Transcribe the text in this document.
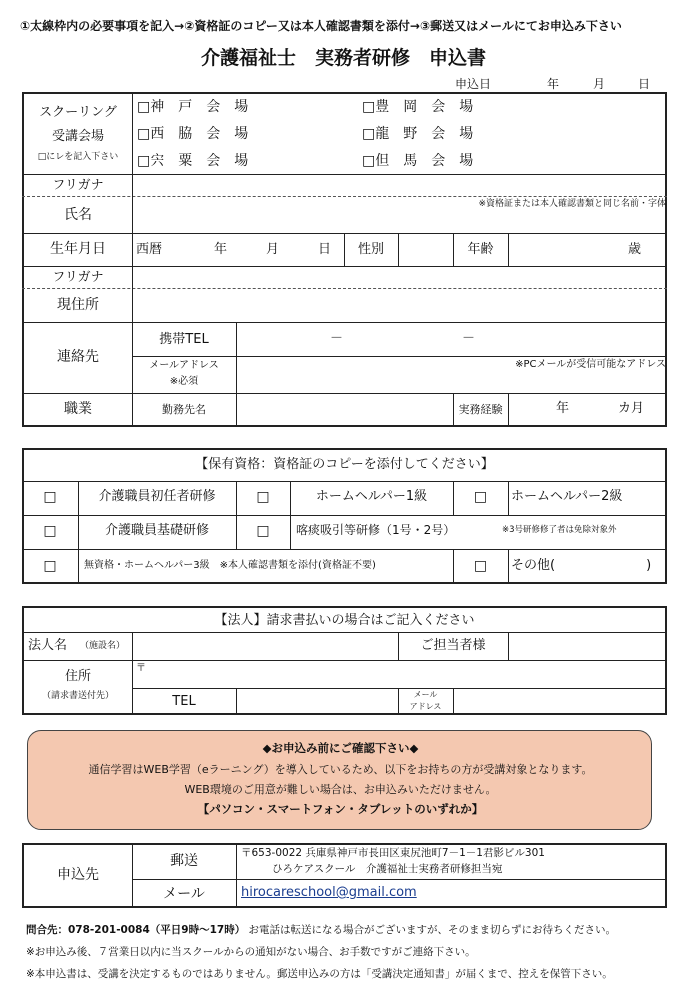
①太線枠内の必要事項を記入→②資格証のコピー又は本人確認書類を添付→③郵送又はメールにてお申込み下さい
介護福祉士　実務者研修　申込書
申込日	年	月	日
スクーリング
受講会場
□にレを記入下さい
□神　戸　会　場
□西　脇　会　場
□宍　粟　会　場
□豊　岡　会　場
□龍　野　会　場
□但　馬　会　場
フリガナ
氏名
※資格証または本人確認書類と同じ名前・字体
生年月日	西暦	年	月	日	性別	年齢	歳
フリガナ
現住所
連絡先
携帯TEL	－	－
メールアドレス
※必須
※PCメールが受信可能なアドレス
職業	勤務先名	実務経験	年	カ月
【保有資格：資格証のコピーを添付してください】
□	介護職員初任者研修	□	ホームヘルパー1級	□	ホームヘルパー2級
□	介護職員基礎研修	□	喀痰吸引等研修（1号・2号）	※3号研修修了者は免除対象外
□	無資格・ホームヘルパー3級　※本人確認書類を添付(資格証不要)	□	その他(　　　　　　　)
【法人】請求書払いの場合はご記入ください
法人名 （施設名）	ご担当者様
住所
（請求書送付先）
〒
TEL	メール
アドレス
◆お申込み前にご確認下さい◆
通信学習はWEB学習（eラーニング）を導入しているため、以下をお持ちの方が受講対象となります。
WEB環境のご用意が難しい場合は、お申込みいただけません。
【パソコン・スマートフォン・タブレットのいずれか】
申込先
郵送	〒653-0022 兵庫県神戸市長田区東尻池町7－1－1君影ビル301
ひろケアスクール　介護福祉士実務者研修担当宛
メール	hirocareschool@gmail.com
問合先：078-201-0084（平日9時～17時） お電話は転送になる場合がございますが、そのまま切らずにお待ちください。
※お申込み後、７営業日以内に当スクールからの通知がない場合、お手数ですがご連絡下さい。
※本申込書は、受講を決定するものではありません。郵送申込みの方は「受講決定通知書」が届くまで、控えを保管下さい。
